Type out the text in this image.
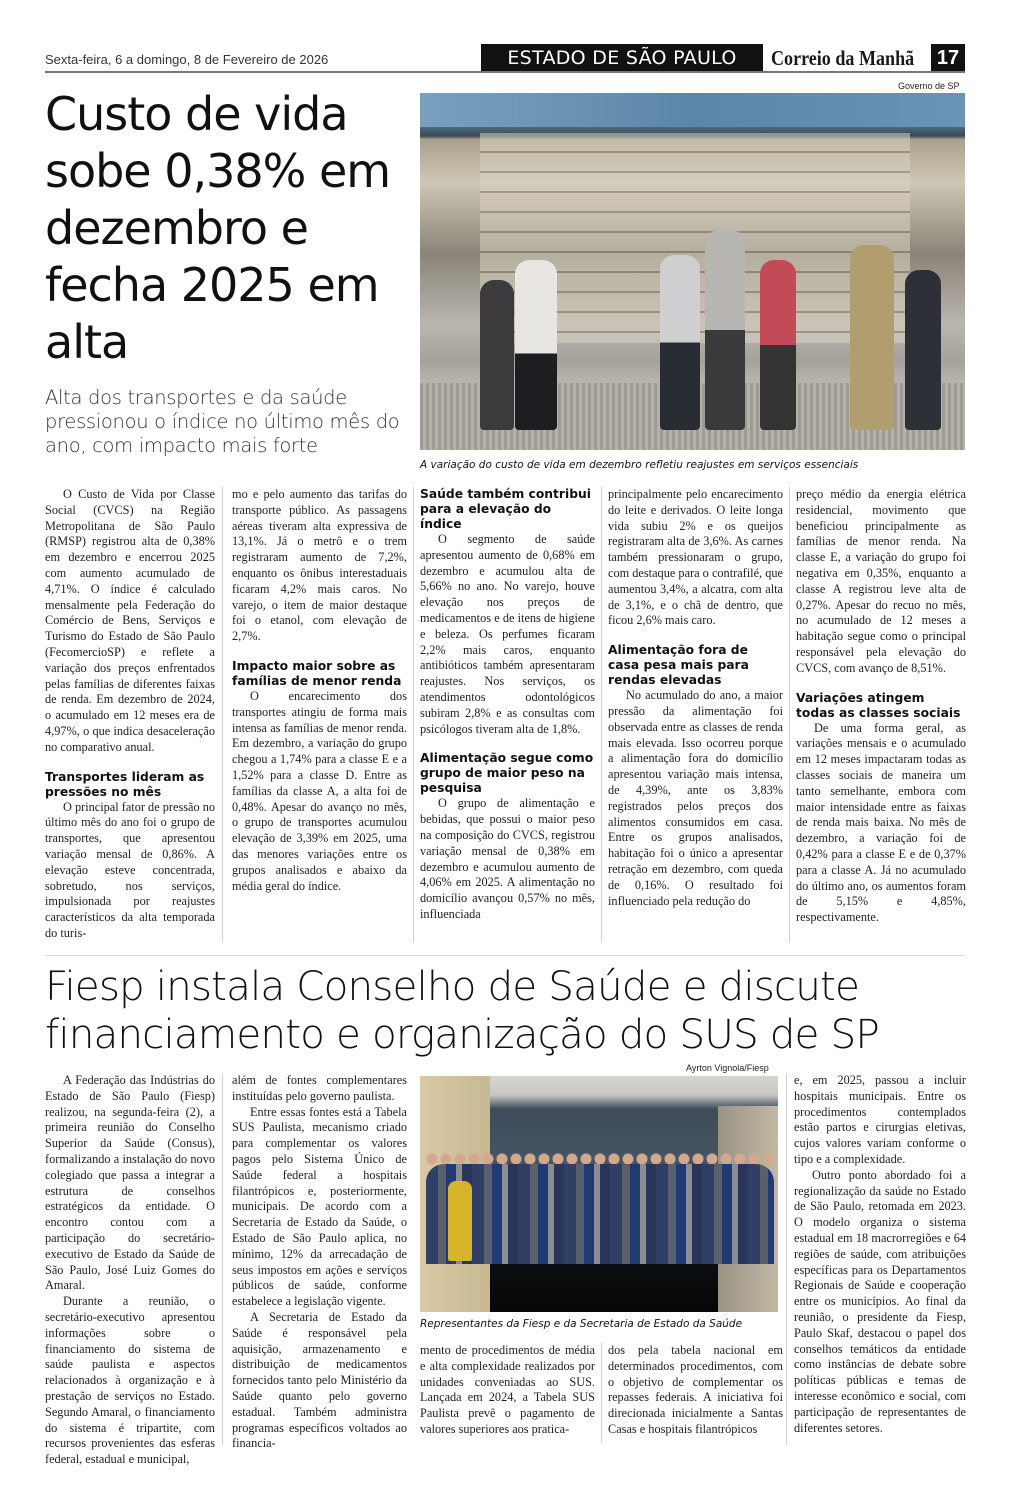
Sexta-feira, 6 a domingo, 8 de Fevereiro de 2026	ESTADO DE SÃO PAULO	Correio da Manhã 17
Custo de vida sobe 0,38% em dezembro e fecha 2025 em alta

Alta dos transportes e da saúde pressionou o índice no último mês do ano, com impacto mais forte

Governo de SP
A variação do custo de vida em dezembro refletiu reajustes em serviços essenciais

O Custo de Vida por Classe Social (CVCS) na Região Metropolitana de São Paulo (RMSP) registrou alta de 0,38% em dezembro e encerrou 2025 com aumento acumulado de 4,71%. O índice é calculado mensalmente pela Federação do Comércio de Bens, Serviços e Turismo do Estado de São Paulo (FecomercioSP) e reflete a variação dos preços enfrentados pelas famílias de diferentes faixas de renda. Em dezembro de 2024, o acumulado em 12 meses era de 4,97%, o que indica desaceleração no comparativo anual.

Transportes lideram as pressões no mês

O principal fator de pressão no último mês do ano foi o grupo de transportes, que apresentou variação mensal de 0,86%. A elevação esteve concentrada, sobretudo, nos serviços, impulsionada por reajustes característicos da alta temporada do turis-

mo e pelo aumento das tarifas do transporte público. As passagens aéreas tiveram alta expressiva de 13,1%. Já o metrô e o trem registraram aumento de 7,2%, enquanto os ônibus interestaduais ficaram 4,2% mais caros. No varejo, o item de maior destaque foi o etanol, com elevação de 2,7%.

Impacto maior sobre as famílias de menor renda

O encarecimento dos transportes atingiu de forma mais intensa as famílias de menor renda. Em dezembro, a variação do grupo chegou a 1,74% para a classe E e a 1,52% para a classe D. Entre as famílias da classe A, a alta foi de 0,48%. Apesar do avanço no mês, o grupo de transportes acumulou elevação de 3,39% em 2025, uma das menores variações entre os grupos analisados e abaixo da média geral do índice.

Saúde também contribui para a elevação do índice

O segmento de saúde apresentou aumento de 0,68% em dezembro e acumulou alta de 5,66% no ano. No varejo, houve elevação nos preços de medicamentos e de itens de higiene e beleza. Os perfumes ficaram 2,2% mais caros, enquanto antibióticos também apresentaram reajustes. Nos serviços, os atendimentos odontológicos subiram 2,8% e as consultas com psicólogos tiveram alta de 1,8%.

Alimentação segue como grupo de maior peso na pesquisa

O grupo de alimentação e bebidas, que possui o maior peso na composição do CVCS, registrou variação mensal de 0,38% em dezembro e acumulou aumento de 4,06% em 2025. A alimentação no domicílio avançou 0,57% no mês, influenciada

principalmente pelo encarecimento do leite e derivados. O leite longa vida subiu 2% e os queijos registraram alta de 3,6%. As carnes também pressionaram o grupo, com destaque para o contrafilé, que aumentou 3,4%, a alcatra, com alta de 3,1%, e o chã de dentro, que ficou 2,6% mais caro.

Alimentação fora de casa pesa mais para rendas elevadas

No acumulado do ano, a maior pressão da alimentação foi observada entre as classes de renda mais elevada. Isso ocorreu porque a alimentação fora do domicílio apresentou variação mais intensa, de 4,39%, ante os 3,83% registrados pelos preços dos alimentos consumidos em casa. Entre os grupos analisados, habitação foi o único a apresentar retração em dezembro, com queda de 0,16%. O resultado foi influenciado pela redução do

preço médio da energia elétrica residencial, movimento que beneficiou principalmente as famílias de menor renda. Na classe E, a variação do grupo foi negativa em 0,35%, enquanto a classe A registrou leve alta de 0,27%. Apesar do recuo no mês, no acumulado de 12 meses a habitação segue como o principal responsável pela elevação do CVCS, com avanço de 8,51%.

Variações atingem todas as classes sociais

De uma forma geral, as variações mensais e o acumulado em 12 meses impactaram todas as classes sociais de maneira um tanto semelhante, embora com maior intensidade entre as faixas de renda mais baixa. No mês de dezembro, a variação foi de 0,42% para a classe E e de 0,37% para a classe A. Já no acumulado do último ano, os aumentos foram de 5,15% e 4,85%, respectivamente.

Fiesp instala Conselho de Saúde e discute financiamento e organização do SUS de SP

A Federação das Indústrias do Estado de São Paulo (Fiesp) realizou, na segunda-feira (2), a primeira reunião do Conselho Superior da Saúde (Consus), formalizando a instalação do novo colegiado que passa a integrar a estrutura de conselhos estratégicos da entidade. O encontro contou com a participação do secretário-executivo de Estado da Saúde de São Paulo, José Luiz Gomes do Amaral.

Durante a reunião, o secretário-executivo apresentou informações sobre o financiamento do sistema de saúde paulista e aspectos relacionados à organização e à prestação de serviços no Estado. Segundo Amaral, o financiamento do sistema é tripartite, com recursos provenientes das esferas federal, estadual e municipal,

além de fontes complementares instituídas pelo governo paulista.

Entre essas fontes está a Tabela SUS Paulista, mecanismo criado para complementar os valores pagos pelo Sistema Único de Saúde federal a hospitais filantrópicos e, posteriormente, municipais. De acordo com a Secretaria de Estado da Saúde, o Estado de São Paulo aplica, no mínimo, 12% da arrecadação de seus impostos em ações e serviços públicos de saúde, conforme estabelece a legislação vigente.

A Secretaria de Estado da Saúde é responsável pela aquisição, armazenamento e distribuição de medicamentos fornecidos tanto pelo Ministério da Saúde quanto pelo governo estadual. Também administra programas específicos voltados ao financia-

Ayrton Vignola/Fiesp
Representantes da Fiesp e da Secretaria de Estado da Saúde

mento de procedimentos de média e alta complexidade realizados por unidades conveniadas ao SUS. Lançada em 2024, a Tabela SUS Paulista prevê o pagamento de valores superiores aos pratica-

dos pela tabela nacional em determinados procedimentos, com o objetivo de complementar os repasses federais. A iniciativa foi direcionada inicialmente a Santas Casas e hospitais filantrópicos

e, em 2025, passou a incluir hospitais municipais. Entre os procedimentos contemplados estão partos e cirurgias eletivas, cujos valores variam conforme o tipo e a complexidade.

Outro ponto abordado foi a regionalização da saúde no Estado de São Paulo, retomada em 2023. O modelo organiza o sistema estadual em 18 macrorregiões e 64 regiões de saúde, com atribuições específicas para os Departamentos Regionais de Saúde e cooperação entre os municípios. Ao final da reunião, o presidente da Fiesp, Paulo Skaf, destacou o papel dos conselhos temáticos da entidade como instâncias de debate sobre políticas públicas e temas de interesse econômico e social, com participação de representantes de diferentes setores.
